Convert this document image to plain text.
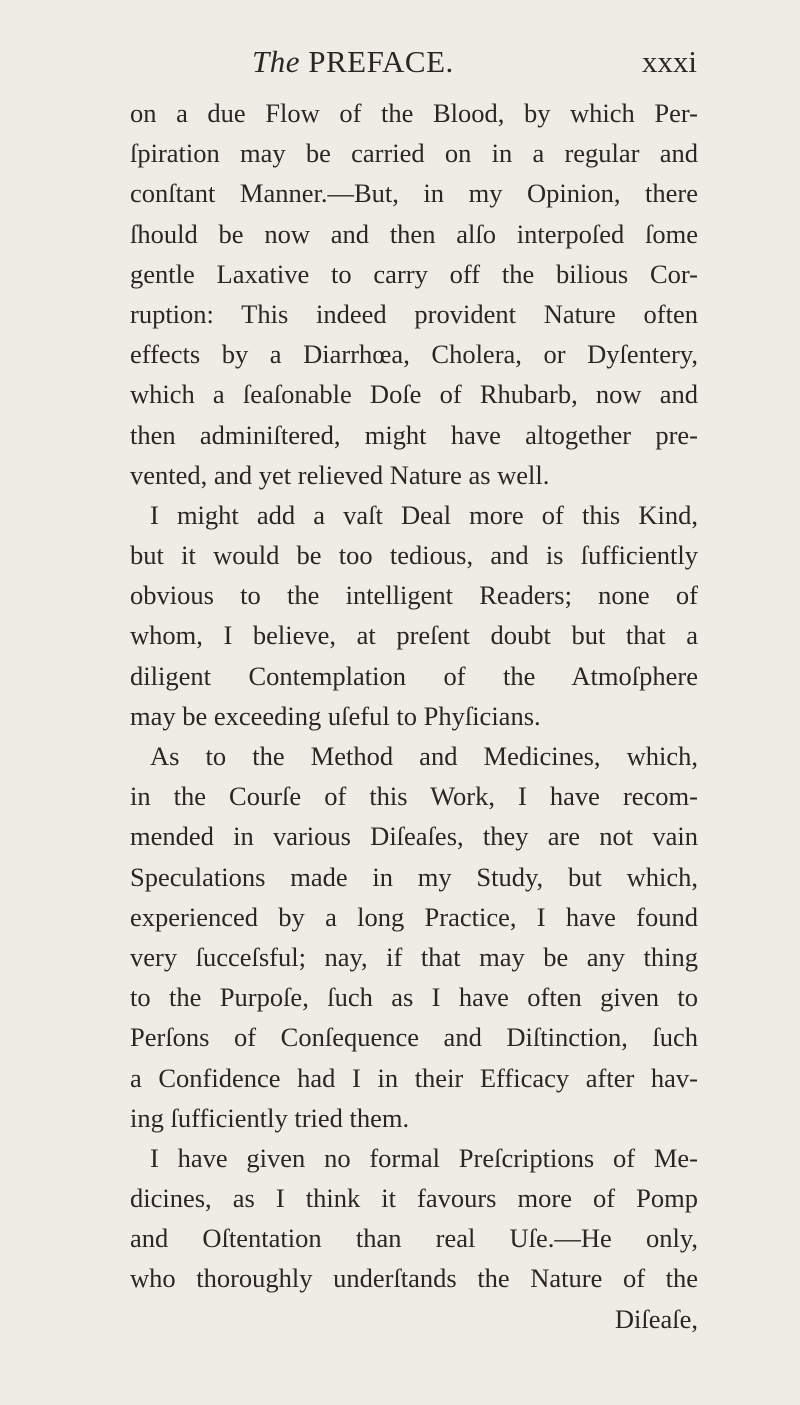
The PREFACE.	xxxi
on a due Flow of the Blood, by which Per-
ſpiration may be carried on in a regular and
conſtant Manner.—But, in my Opinion, there
ſhould be now and then alſo interpoſed ſome
gentle Laxative to carry off the bilious Cor-
ruption: This indeed provident Nature often
effects by a Diarrhœa, Cholera, or Dyſentery,
which a ſeaſonable Doſe of Rhubarb, now and
then adminiſtered, might have altogether pre-
vented, and yet relieved Nature as well.
I might add a vaſt Deal more of this Kind,
but it would be too tedious, and is ſufficiently
obvious to the intelligent Readers; none of
whom, I believe, at preſent doubt but that a
diligent Contemplation of the Atmoſphere
may be exceeding uſeful to Phyſicians.
As to the Method and Medicines, which,
in the Courſe of this Work, I have recom-
mended in various Diſeaſes, they are not vain
Speculations made in my Study, but which,
experienced by a long Practice, I have found
very ſucceſsful; nay, if that may be any thing
to the Purpoſe, ſuch as I have often given to
Perſons of Conſequence and Diſtinction, ſuch
a Confidence had I in their Efficacy after hav-
ing ſufficiently tried them.
I have given no formal Preſcriptions of Me-
dicines, as I think it favours more of Pomp
and Oſtentation than real Uſe.—He only,
who thoroughly underſtands the Nature of the
Diſeaſe,
